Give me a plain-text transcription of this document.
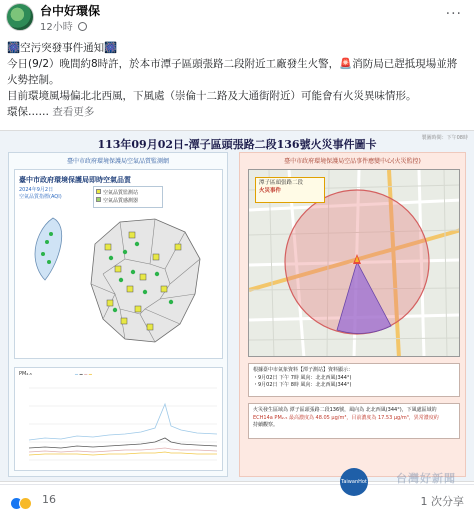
台中好環保
12小時
···

🎆空污突發事件通知🎆

今日(9/2）晚間約8時許，於本市潭子區頭張路二段附近工廠發生火警，🚨消防局已趕抵現場並將

火勢控制。

目前環境風場偏北北西風，下風處（崇倫十二路及大通街附近）可能會有火災異味情形。

環保…… 查看更多

113年09月02日-潭子區頭張路二段136號火災事件圖卡	製圖時間：下午08時
臺中市政府環境保護局空氣品質監測網
臺中市政府環境保護局即時空氣品質
2024年9月2日
空氣品質指標(AQI)
空氣品質監測站
空氣品質感測器
PM₂.₅	━ ━ ━ ━
臺中市政府環境保護局空品事件應變中心(火災監控)
潭子區頭張路二段
火災事件
根據臺中市氣象資料【潭子測站】資料顯示：
・9月02日 下午 7時 風向：北北西風(344°)
・9月02日 下午 8時 風向：北北西風(344°)
火災發生區域為 潭子區頭張路二段136號，風向為 北北西風(344°)，下風處區域的
ECH14a PM₂.₅ 最高濃度為 48.05 μg/m³，目前濃度為 17.53 μg/m³，異常濃度約
持續觀察。
TaiwanHot	台灣好新聞
16	1 次分享
